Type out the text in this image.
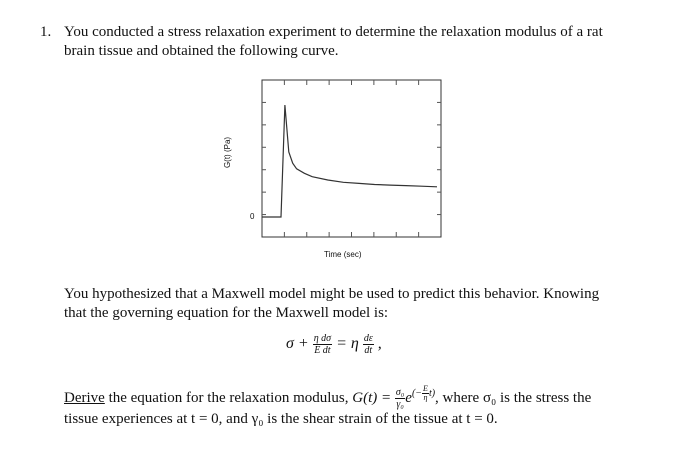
1. You conducted a stress relaxation experiment to determine the relaxation modulus of a rat
brain tissue and obtained the following curve.
G(t) (Pa)
Time (sec)
0
You hypothesized that a Maxwell model might be used to predict this behavior. Knowing
that the governing equation for the Maxwell model is:
$\sigma + \frac{\text{η dσ}}{\text{E dt}} = \eta \frac{d\varepsilon}{dt}$ ,
Derive the equation for the relaxation modulus, $G(t) = \frac{\text{σ₀}}{\text{γ₀}} e^{(- \frac{E}{\eta} t)}$, where σ₀ is the stress the
tissue experiences at t = 0, and γ₀ is the shear strain of the tissue at t = 0.
